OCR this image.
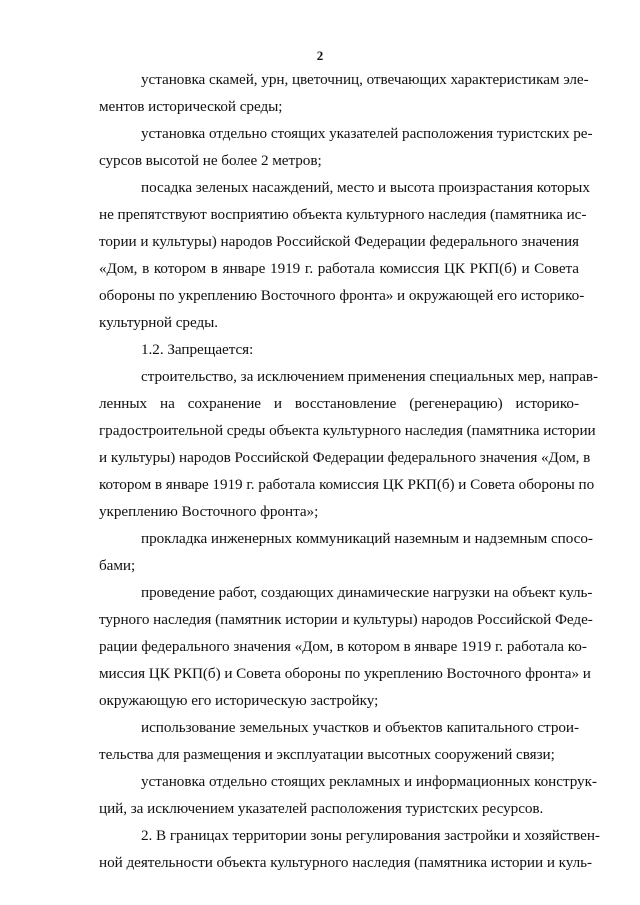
2
установка скамей, урн, цветочниц, отвечающих характеристикам эле-
ментов исторической среды;
установка отдельно стоящих указателей расположения туристских ре-
сурсов высотой не более 2 метров;
посадка зеленых насаждений, место и высота произрастания которых
не препятствуют восприятию объекта культурного наследия (памятника ис-
тории и культуры) народов Российской Федерации федерального значения
«Дом, в котором в январе 1919 г. работала комиссия ЦК РКП(б) и Совета
обороны по укреплению Восточного фронта» и окружающей его историко-
культурной среды.
1.2. Запрещается:
строительство, за исключением применения специальных мер, направ-
ленных на сохранение и восстановление (регенерацию) историко-
градостроительной среды объекта культурного наследия (памятника истории
и культуры) народов Российской Федерации федерального значения «Дом, в
котором в январе 1919 г. работала комиссия ЦК РКП(б) и Совета обороны по
укреплению Восточного фронта»;
прокладка инженерных коммуникаций наземным и надземным спосо-
бами;
проведение работ, создающих динамические нагрузки на объект куль-
турного наследия (памятник истории и культуры) народов Российской Феде-
рации федерального значения «Дом, в котором в январе 1919 г. работала ко-
миссия ЦК РКП(б) и Совета обороны по укреплению Восточного фронта» и
окружающую его историческую застройку;
использование земельных участков и объектов капитального строи-
тельства для размещения и эксплуатации высотных сооружений связи;
установка отдельно стоящих рекламных и информационных конструк-
ций, за исключением указателей расположения туристских ресурсов.
2. В границах территории зоны регулирования застройки и хозяйствен-
ной деятельности объекта культурного наследия (памятника истории и куль-
